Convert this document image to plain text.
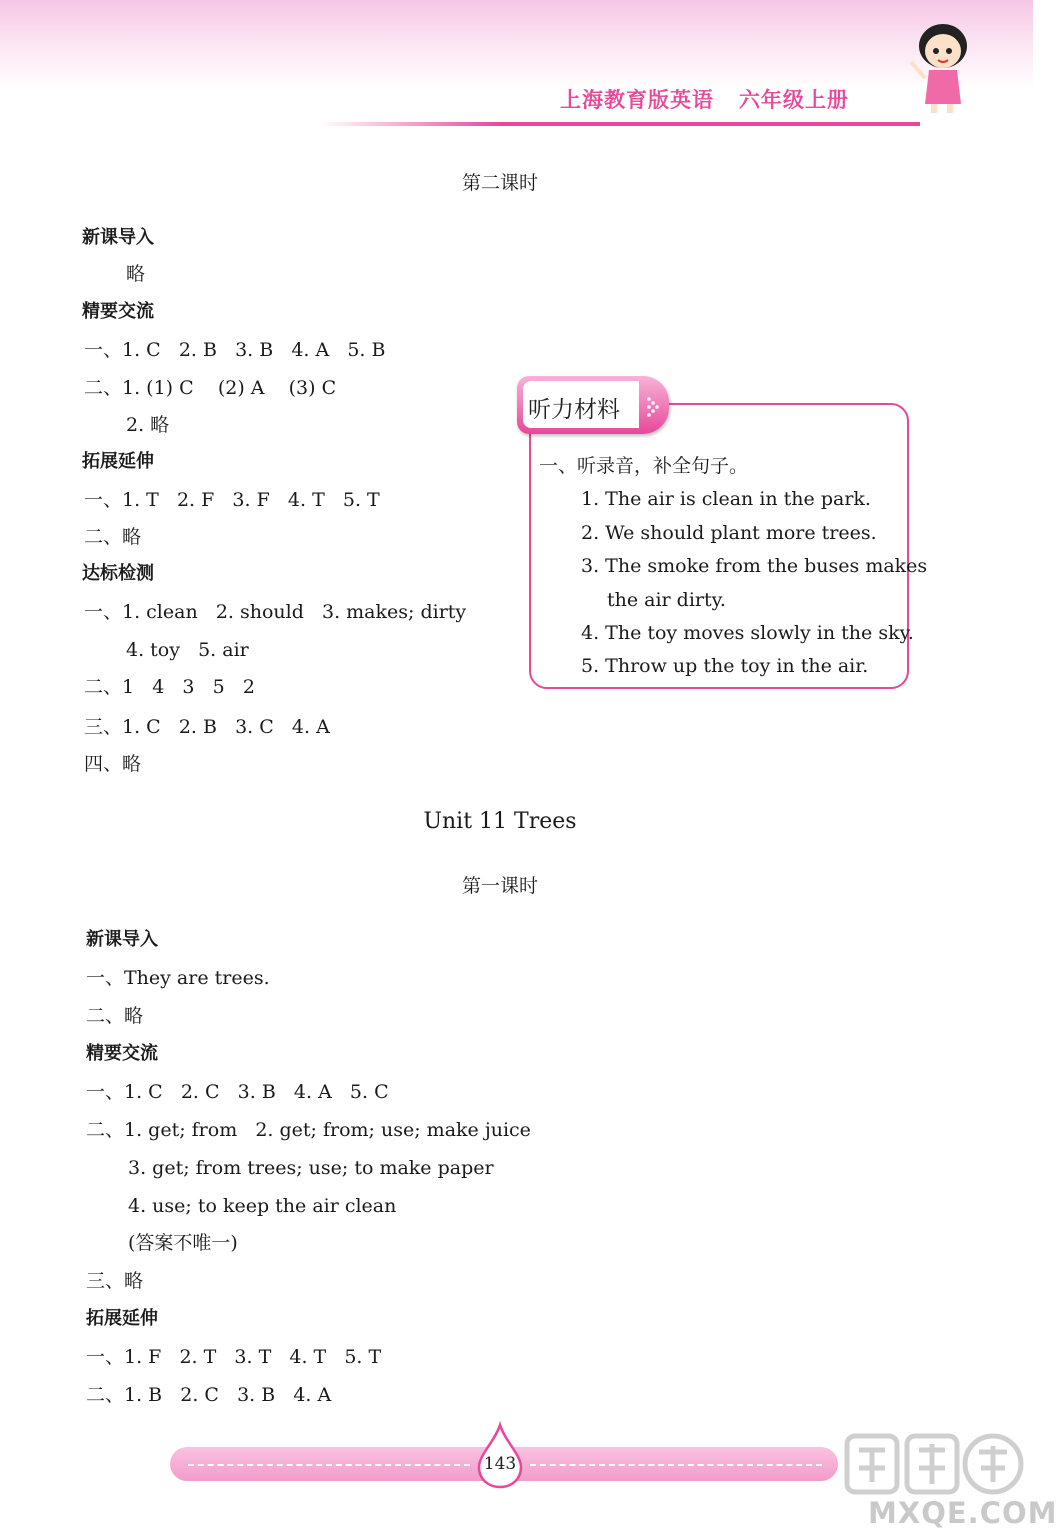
上海教育版英语   六年级上册
第二课时
新课导入
略
精要交流
一、1. C   2. B   3. B   4. A   5. B
二、1. (1) C    (2) A    (3) C
2. 略
拓展延伸
一、1. T   2. F   3. F   4. T   5. T
二、略
达标检测
一、1. clean   2. should   3. makes; dirty
4. toy   5. air
二、1   4   3   5   2
三、1. C   2. B   3. C   4. A
四、略
听力材料
一、听录音，补全句子。
1. The air is clean in the park.
2. We should plant more trees.
3. The smoke from the buses makes
the air dirty.
4. The toy moves slowly in the sky.
5. Throw up the toy in the air.
Unit 11 Trees
第一课时
新课导入
一、They are trees.
二、略
精要交流
一、1. C   2. C   3. B   4. A   5. C
二、1. get; from   2. get; from; use; make juice
3. get; from trees; use; to make paper
4. use; to keep the air clean
(答案不唯一)
三、略
拓展延伸
一、1. F   2. T   3. T   4. T   5. T
二、1. B   2. C   3. B   4. A
143
MXQE.COM
